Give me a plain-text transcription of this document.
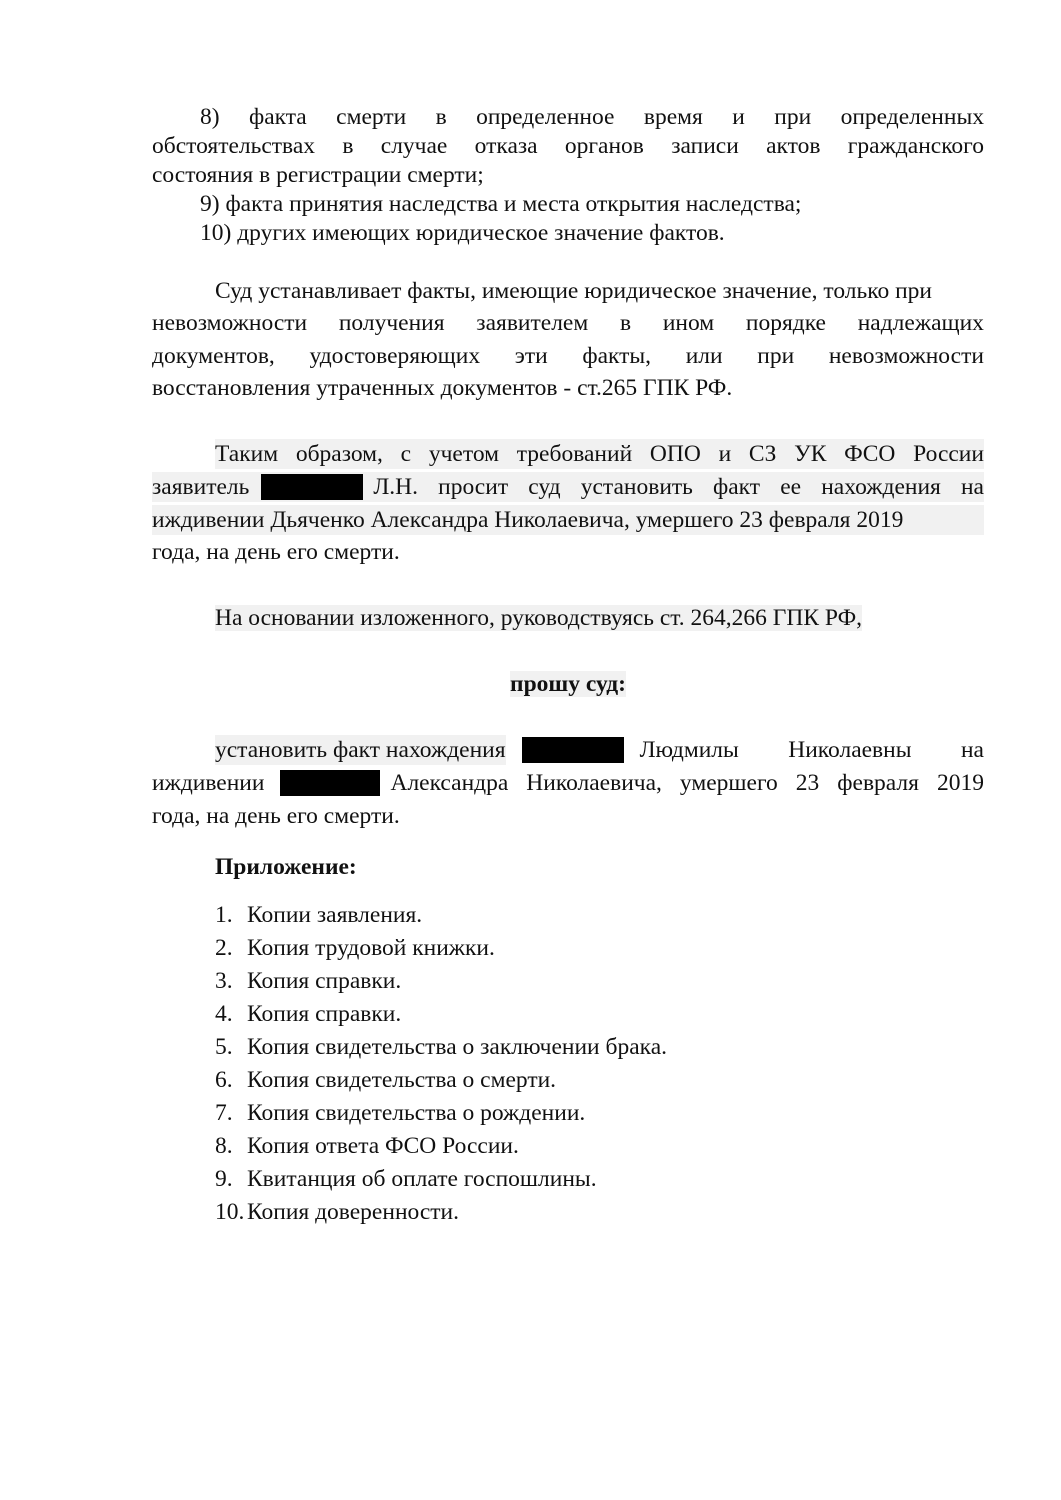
8) факта смерти в определенное время и при определенных
обстоятельствах в случае отказа органов записи актов гражданского
состояния в регистрации смерти;
9) факта принятия наследства и места открытия наследства;
10) других имеющих юридическое значение фактов.
Суд устанавливает факты, имеющие юридическое значение, только при
невозможности получения заявителем в ином порядке надлежащих
документов, удостоверяющих эти факты, или при невозможности
восстановления утраченных документов - ст.265 ГПК РФ.
Таким образом, с учетом требований ОПО и СЗ УК ФСО России
заявитель	Л.Н. просит суд установить факт ее нахождения на
иждивении Дьяченко Александра Николаевича, умершего 23 февраля 2019
года, на день его смерти.
На основании изложенного, руководствуясь ст. 264,266 ГПК РФ,
прошу суд:
установить факт нахождения	Людмилы Николаевны на
иждивении	Александра Николаевича, умершего 23 февраля 2019
года, на день его смерти.
Приложение:
1. Копии заявления.
2. Копия трудовой книжки.
3. Копия справки.
4. Копия справки.
5. Копия свидетельства о заключении брака.
6. Копия свидетельства о смерти.
7. Копия свидетельства о рождении.
8. Копия ответа ФСО России.
9. Квитанция об оплате госпошлины.
10. Копия доверенности.
